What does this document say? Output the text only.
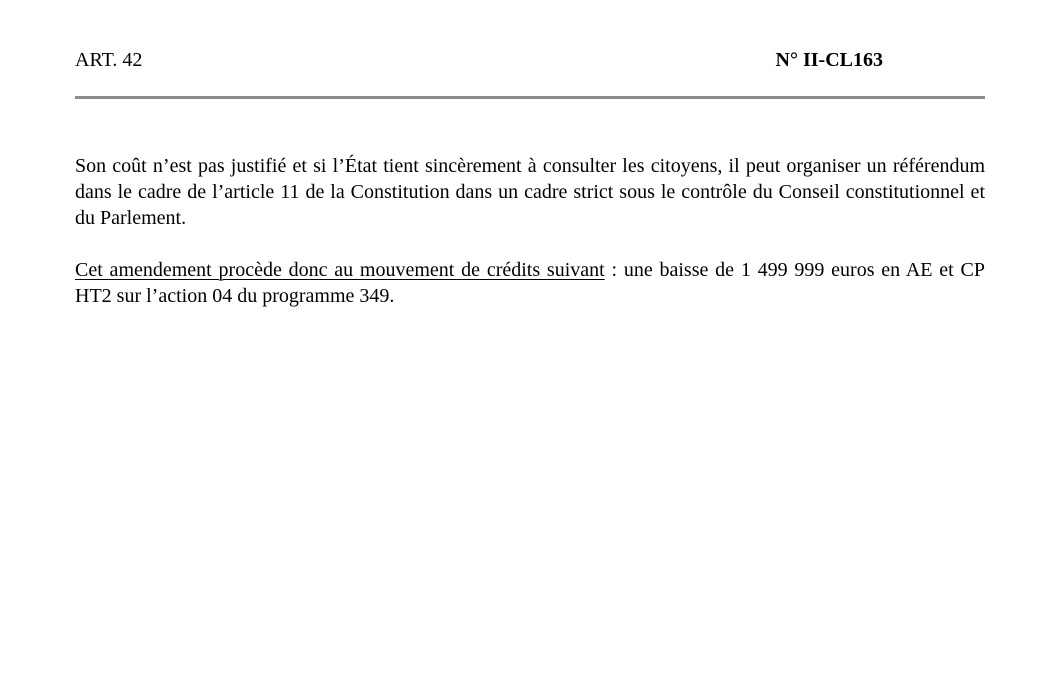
ART. 42	N° II-CL163

Son coût n’est pas justifié et si l’État tient sincèrement à consulter les citoyens, il peut organiser un référendum dans le cadre de l’article 11 de la Constitution dans un cadre strict sous le contrôle du Conseil constitutionnel et du Parlement.

Cet amendement procède donc au mouvement de crédits suivant : une baisse de 1 499 999 euros en AE et CP HT2 sur l’action 04 du programme 349.
